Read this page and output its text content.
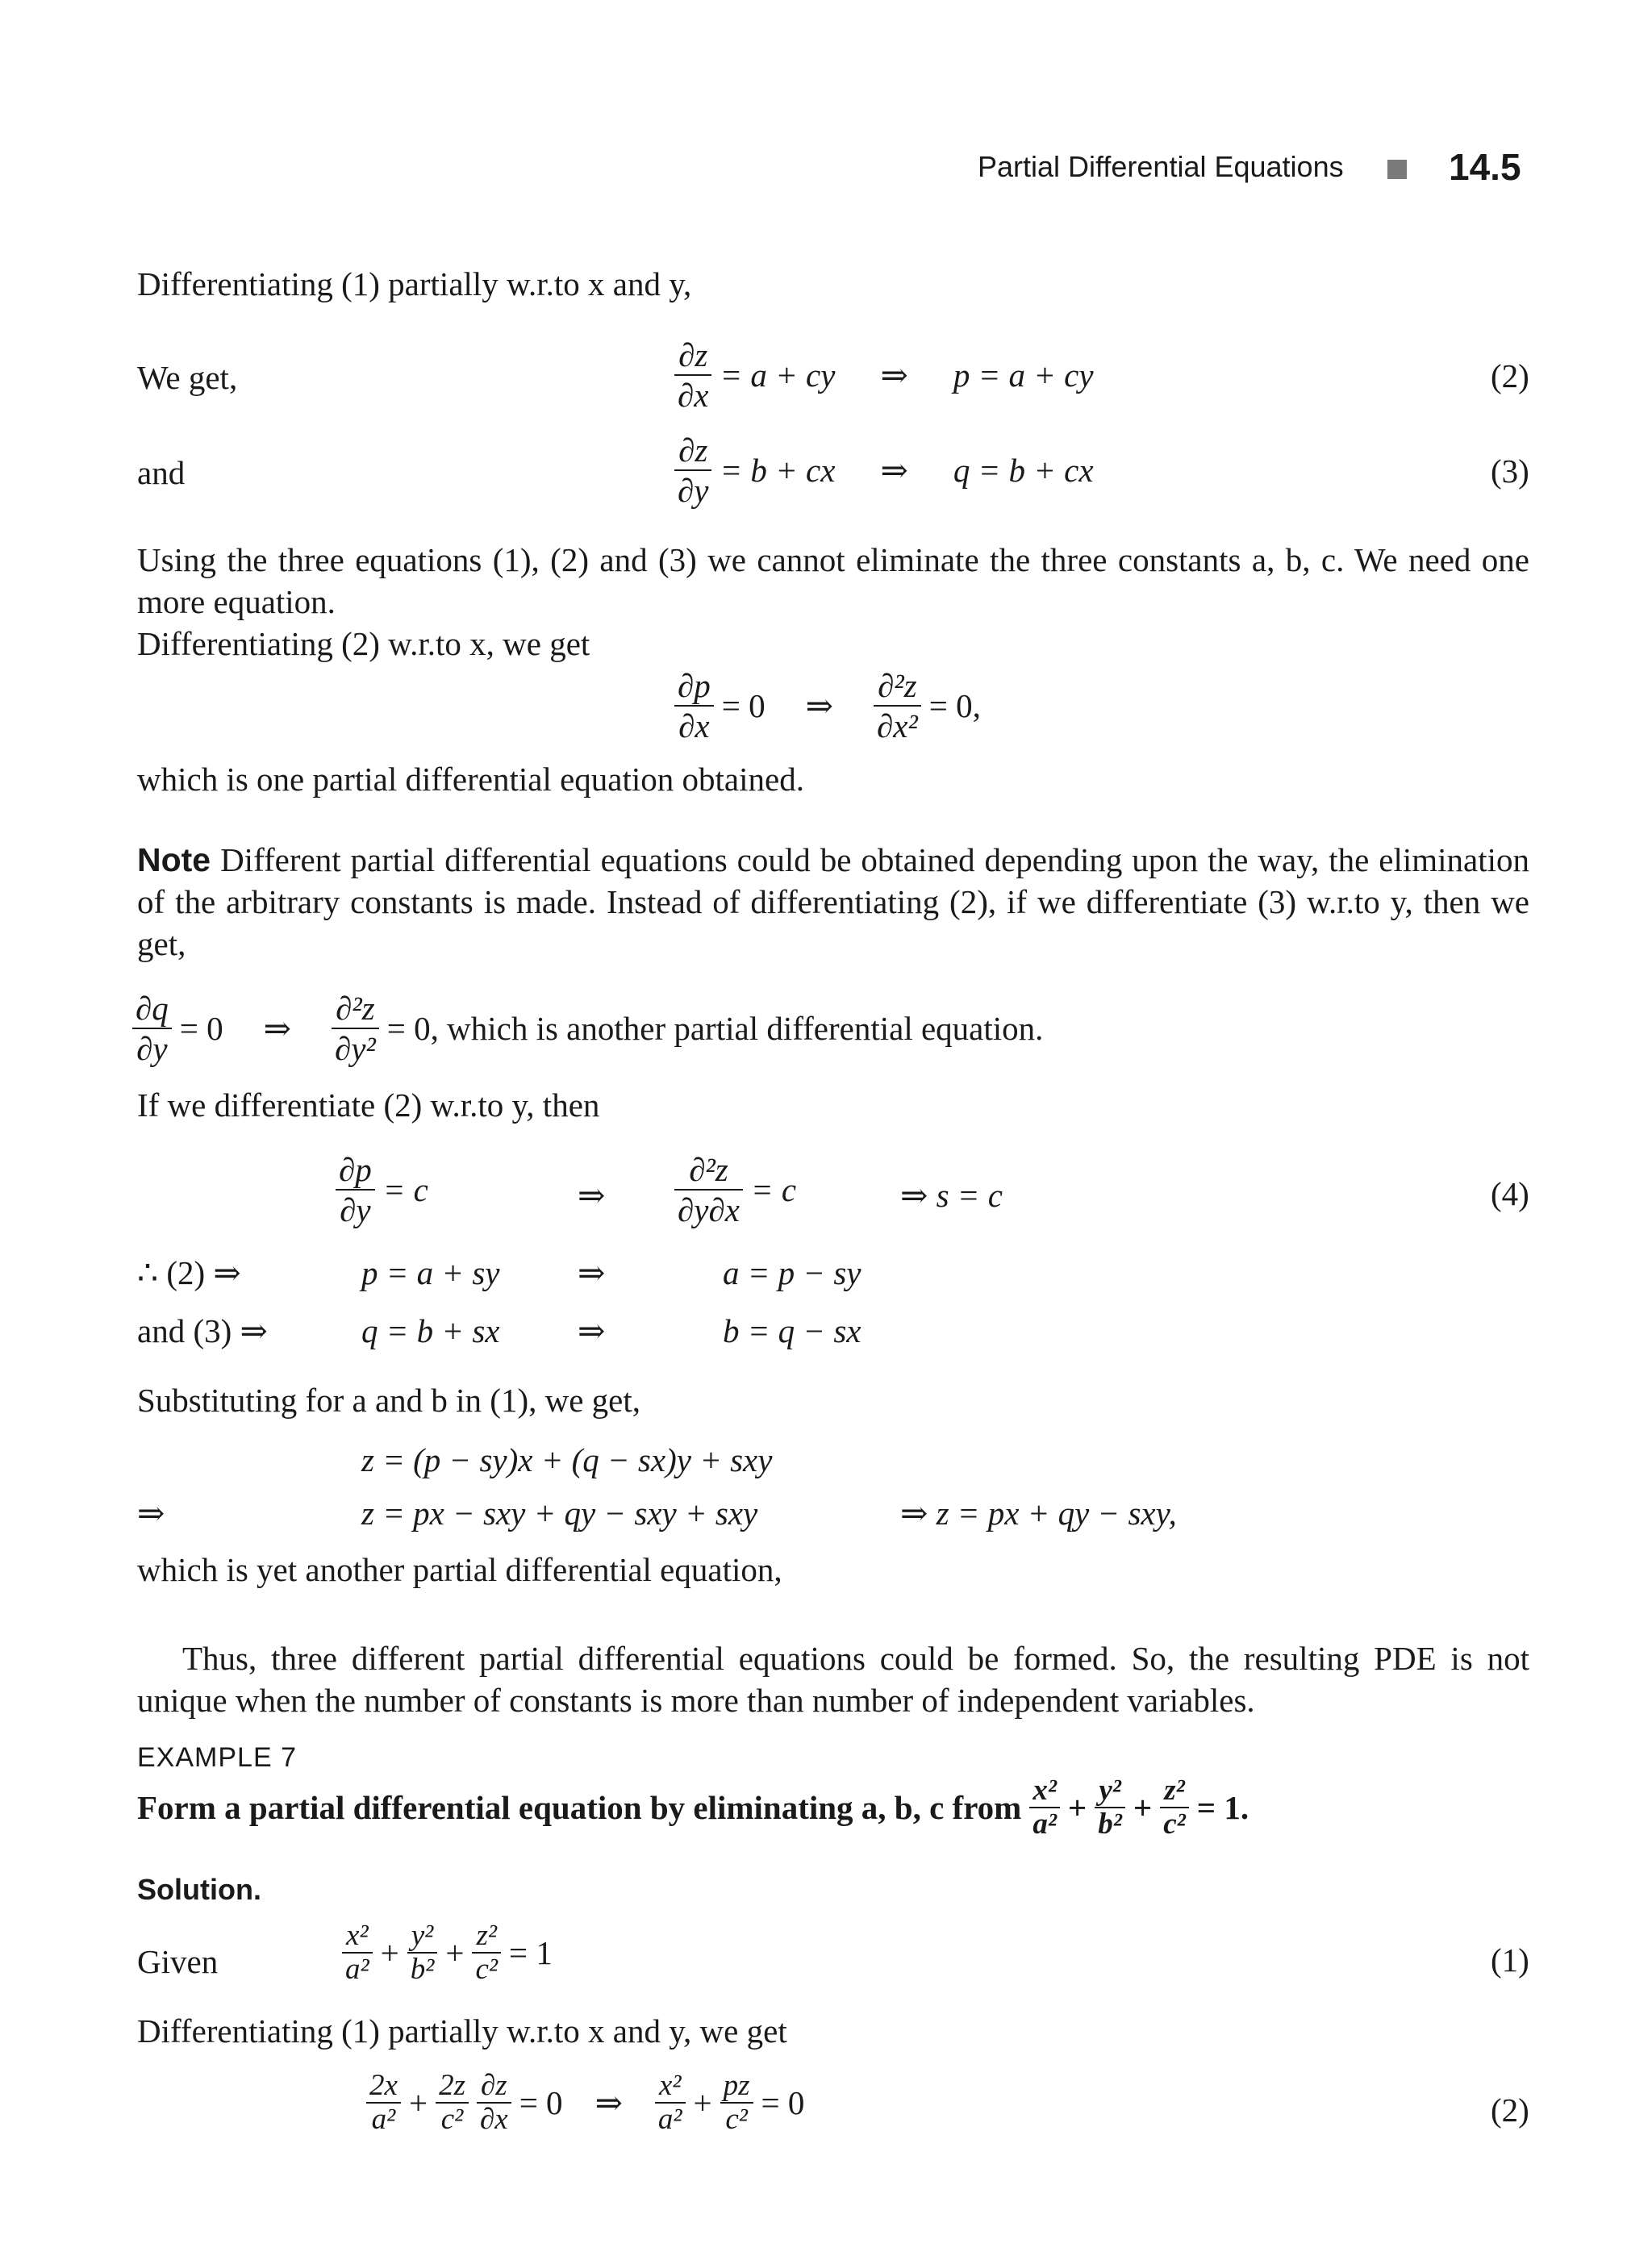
Partial Differential Equations	14.5
Differentiating (1) partially w.r.to x and y,
We get,	$\frac{\partial z}{\partial x} = a$ + cy ⇒ p = a + cy	(2)
and	$\frac{\partial z}{\partial y} = b$ + cx ⇒ q = b + cx	(3)
Using the three equations (1), (2) and (3) we cannot eliminate the three constants a, b, c. We need one more equation.
Differentiating (2) w.r.to x, we get
$\frac{\partial p}{\partial x} = 0$ ⇒ $\frac{\text{∂²z}}{\text{∂x²}} = 0$,
which is one partial differential equation obtained.
Note Different partial differential equations could be obtained depending upon the way, the elimination of the arbitrary constants is made. Instead of differentiating (2), if we differentiate (3) w.r.to y, then we get,
$\frac{\partial q}{\partial y} = 0$ ⇒ $\frac{\text{∂²z}}{\text{∂y²}} = 0$, which is another partial differential equation.
If we differentiate (2) w.r.to y, then
$\frac{\partial p}{\partial y} = c$	⇒ $\frac{\text{∂²z}}{\partial y\partial x} = c$	⇒ s = c	(4)
∴ (2) ⇒	p = a + sy ⇒	a = p − sy
and (3) ⇒	q = b + sx ⇒	b = q − sx
Substituting for a and b in (1), we get,
z = (p − sy)x + (q − sx)y + sxy
⇒	z = px − sxy + qy − sxy + sxy	⇒ z = px + qy − sxy,
which is yet another partial differential equation,
Thus, three different partial differential equations could be formed. So, the resulting PDE is not unique when the number of constants is more than number of independent variables.
EXAMPLE 7
Form a partial differential equation by eliminating a, b, c from $\frac{\text{x²}}{\text{a²}} + \frac{\text{y²}}{\text{b²}} + \frac{\text{z²}}{\text{c²}} = 1$.
Solution.
Given	$\frac{\text{x²}}{\text{a²}} + \frac{\text{y²}}{\text{b²}} + \frac{\text{z²}}{\text{c²}} = 1$	(1)
Differentiating (1) partially w.r.to x and y, we get
$\frac{2x}{\text{a²}} + \frac{2z}{\text{c²}} \frac{\partial z}{\partial x} = 0$ ⇒ $\frac{\text{x²}}{\text{a²}} + \frac{pz}{\text{c²}} = 0$	(2)
